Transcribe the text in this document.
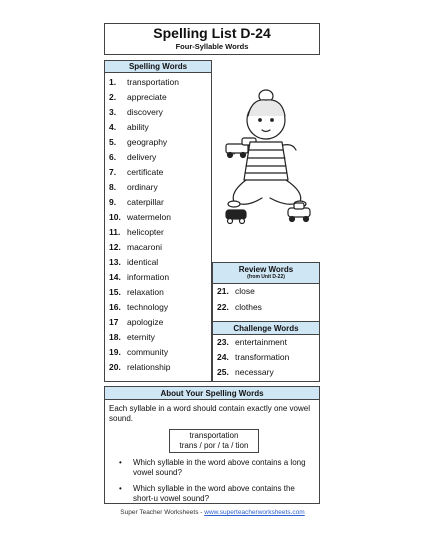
Spelling List D-24
Four-Syllable Words
Spelling Words
1. transportation
2. appreciate
3. discovery
4. ability
5. geography
6. delivery
7. certificate
8. ordinary
9. caterpillar
10. watermelon
11. helicopter
12. macaroni
13. identical
14. information
15. relaxation
16. technology
17 apologize
18. eternity
19. community
20. relationship
Review Words
(from Unit D-22)
21. close
22. clothes
Challenge Words
23. entertainment
24. transformation
25. necessary
About Your Spelling Words
Each syllable in a word should contain exactly one vowel sound.
transportation
trans / por / ta / tion
• Which syllable in the word above contains a long vowel sound?
• Which syllable in the word above contains the short-u vowel sound?
Super Teacher Worksheets - www.superteacherworksheets.com
